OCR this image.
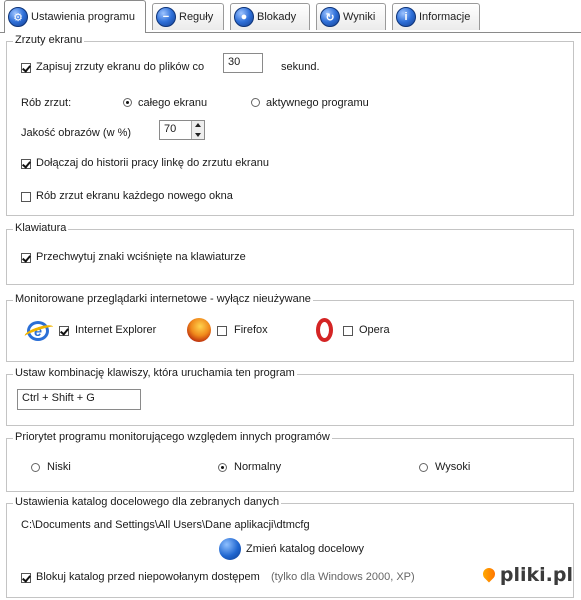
⚙ Ustawienia programu	− Reguły	● Blokady	↻ Wyniki	i	Informacje
Zrzuty ekranu
Zapisuj zrzuty ekranu do plików co	30	sekund.
Rób zrzut:	całego ekranu	aktywnego programu
Jakość obrazów (w %)	70
Dołączaj do historii pracy linkę do zrzutu ekranu
Rób zrzut ekranu każdego nowego okna
Klawiatura
Przechwytuj znaki wciśnięte na klawiaturze
Monitorowane przeglądarki internetowe - wyłącz nieużywane
e	Internet Explorer	Firefox	Opera
Ustaw kombinację klawiszy, która uruchamia ten program
Ctrl + Shift + G
Priorytet programu monitorującego względem innych programów
Niski	Normalny	Wysoki
Ustawienia katalog docelowego dla zebranych danych
C:\Documents and Settings\All Users\Dane aplikacji\dtmcfg
Zmień katalog docelowy
Blokuj katalog przed niepowołanym dostępem (tylko dla Windows 2000, XP)	pliki.pl
